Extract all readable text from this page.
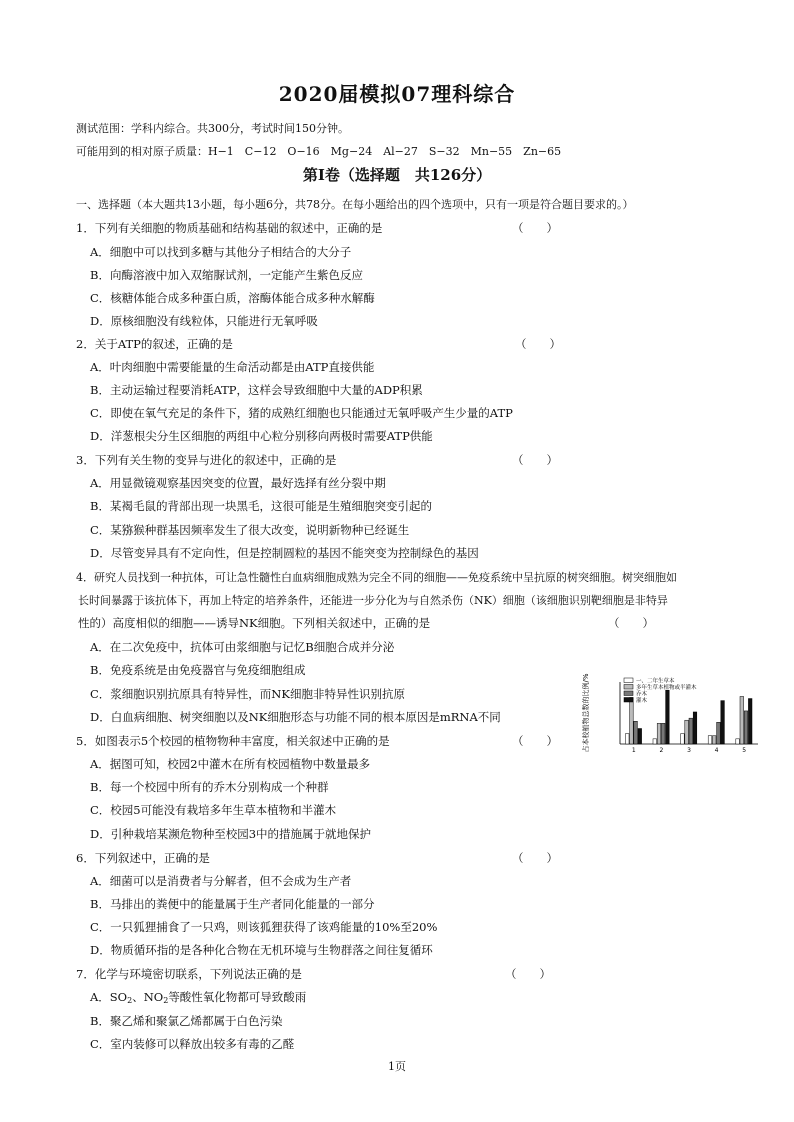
2020届模拟07理科综合
测试范围：学科内综合。共300分，考试时间150分钟。
可能用到的相对原子质量：H−1　C−12　O−16　Mg−24　Al−27　S−32　Mn−55　Zn−65
第Ⅰ卷（选择题　共126分）
一、选择题（本大题共13小题，每小题6分，共78分。在每小题给出的四个选项中，只有一项是符合题目要求的。）
1．下列有关细胞的物质基础和结构基础的叙述中，正确的是	（　　）
A．细胞中可以找到多糖与其他分子相结合的大分子
B．向酶溶液中加入双缩脲试剂，一定能产生紫色反应
C．核糖体能合成多种蛋白质，溶酶体能合成多种水解酶
D．原核细胞没有线粒体，只能进行无氧呼吸
2．关于ATP的叙述，正确的是	（　　）
A．叶肉细胞中需要能量的生命活动都是由ATP直接供能
B．主动运输过程要消耗ATP，这样会导致细胞中大量的ADP积累
C．即使在氧气充足的条件下，猪的成熟红细胞也只能通过无氧呼吸产生少量的ATP
D．洋葱根尖分生区细胞的两组中心粒分别移向两极时需要ATP供能
3．下列有关生物的变异与进化的叙述中，正确的是	（　　）
A．用显微镜观察基因突变的位置，最好选择有丝分裂中期
B．某褐毛鼠的背部出现一块黑毛，这很可能是生殖细胞突变引起的
C．某猕猴种群基因频率发生了很大改变，说明新物种已经诞生
D．尽管变异具有不定向性，但是控制圆粒的基因不能突变为控制绿色的基因
4．研究人员找到一种抗体，可让急性髓性白血病细胞成熟为完全不同的细胞——免疫系统中呈抗原的树突细胞。树突细胞如
长时间暴露于该抗体下，再加上特定的培养条件，还能进一步分化为与自然杀伤（NK）细胞（该细胞识别靶细胞是非特异
性的）高度相似的细胞——诱导NK细胞。下列相关叙述中，正确的是	（　　）
A．在二次免疫中，抗体可由浆细胞与记忆B细胞合成并分泌
B．免疫系统是由免疫器官与免疫细胞组成
C．浆细胞识别抗原具有特异性，而NK细胞非特异性识别抗原
D．白血病细胞、树突细胞以及NK细胞形态与功能不同的根本原因是mRNA不同	占本校植物总数的比例/%	1	2	3	4	5
一、二年生草本
多年生草本植物或半灌木
乔木
灌木
5．如图表示5个校园的植物物种丰富度，相关叙述中正确的是	（　　）
A．据图可知，校园2中灌木在所有校园植物中数量最多
B．每一个校园中所有的乔木分别构成一个种群
C．校园5可能没有栽培多年生草本植物和半灌木
D．引种栽培某濒危物种至校园3中的措施属于就地保护
6．下列叙述中，正确的是	（　　）
A．细菌可以是消费者与分解者，但不会成为生产者
B．马排出的粪便中的能量属于生产者同化能量的一部分
C．一只狐狸捕食了一只鸡，则该狐狸获得了该鸡能量的10%至20%
D．物质循环指的是各种化合物在无机环境与生物群落之间往复循环
7．化学与环境密切联系，下列说法正确的是	（　　）
A．$SO_2$、$NO_2$等酸性氧化物都可导致酸雨
B．聚乙烯和聚氯乙烯都属于白色污染
C．室内装修可以释放出较多有毒的乙醛
1页
